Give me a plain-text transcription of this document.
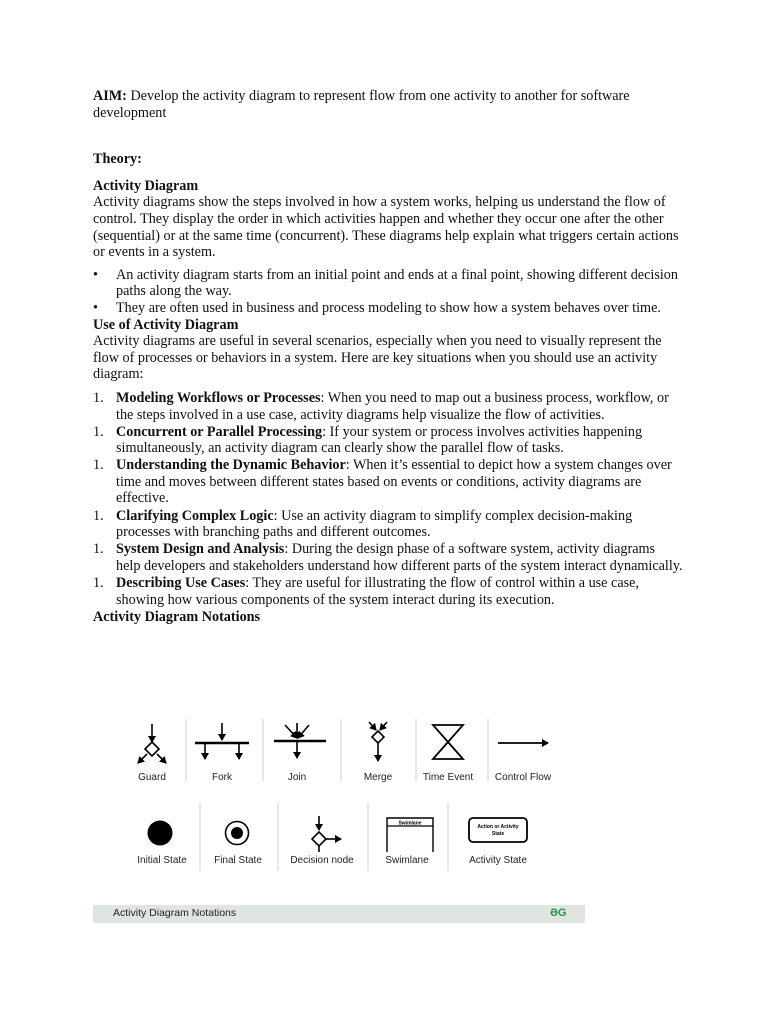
AIM: Develop the activity diagram to represent flow from one activity to another for software development

Theory:

Activity Diagram

Activity diagrams show the steps involved in how a system works, helping us understand the flow of control. They display the order in which activities happen and whether they occur one after the other (sequential) or at the same time (concurrent). These diagrams help explain what triggers certain actions or events in a system.

• An activity diagram starts from an initial point and ends at a final point, showing different decision paths along the way.
• They are often used in business and process modeling to show how a system behaves over time.

Use of Activity Diagram

Activity diagrams are useful in several scenarios, especially when you need to visually represent the flow of processes or behaviors in a system. Here are key situations when you should use an activity diagram:

1. Modeling Workflows or Processes: When you need to map out a business process, workflow, or the steps involved in a use case, activity diagrams help visualize the flow of activities.
1. Concurrent or Parallel Processing: If your system or process involves activities happening simultaneously, an activity diagram can clearly show the parallel flow of tasks.
1. Understanding the Dynamic Behavior: When it’s essential to depict how a system changes over time and moves between different states based on events or conditions, activity diagrams are effective.
1. Clarifying Complex Logic: Use an activity diagram to simplify complex decision-making processes with branching paths and different outcomes.
1. System Design and Analysis: During the design phase of a software system, activity diagrams help developers and stakeholders understand how different parts of the system interact dynamically.
1. Describing Use Cases: They are useful for illustrating the flow of control within a use case, showing how various components of the system interact during its execution.

Activity Diagram Notations

Swimlane
Action or Activity
State
Guard	Fork	Join	Merge	Time Event	Control Flow
Initial State	Final State	Decision node	Swimlane	Activity State
Activity Diagram Notations	ƏG
